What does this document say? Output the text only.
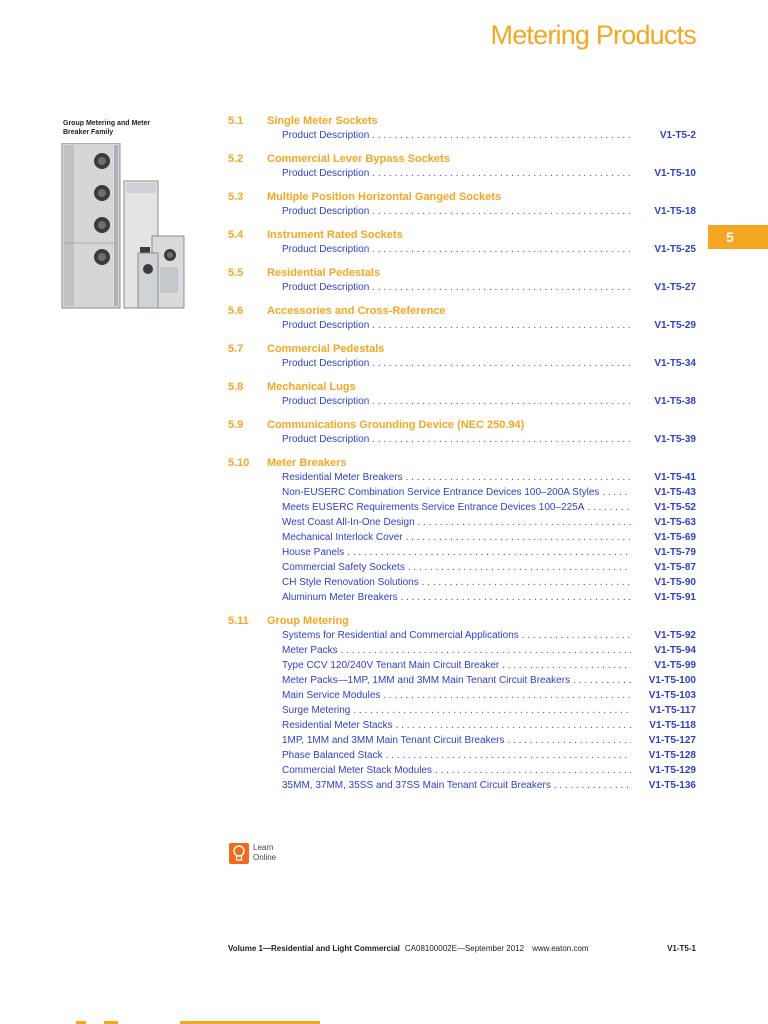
Metering Products
5
Group Metering and Meter Breaker Family
5.1	Single Meter Sockets
Product Description . . .	V1-T5-2
5.2	Commercial Lever Bypass Sockets
Product Description . . .	V1-T5-10
5.3	Multiple Position Horizontal Ganged Sockets
Product Description . . .	V1-T5-18
5.4	Instrument Rated Sockets
Product Description . . .	V1-T5-25
5.5	Residential Pedestals
Product Description . . .	V1-T5-27
5.6	Accessories and Cross-Reference
Product Description . . .	V1-T5-29
5.7	Commercial Pedestals
Product Description . . .	V1-T5-34
5.8	Mechanical Lugs
Product Description . . .	V1-T5-38
5.9	Communications Grounding Device (NEC 250.94)
Product Description . . .	V1-T5-39
5.10	Meter Breakers
Residential Meter Breakers . . .	V1-T5-41
Non-EUSERC Combination Service Entrance Devices 100–200A Styles . . .	V1-T5-43
Meets EUSERC Requirements Service Entrance Devices 100–225A . . .	V1-T5-52
West Coast All-In-One Design . . .	V1-T5-63
Mechanical Interlock Cover . . .	V1-T5-69
House Panels . . .	V1-T5-79
Commercial Safety Sockets . . .	V1-T5-87
CH Style Renovation Solutions . . .	V1-T5-90
Aluminum Meter Breakers . . .	V1-T5-91
5.11	Group Metering
Systems for Residential and Commercial Applications . . .	V1-T5-92
Meter Packs . . .	V1-T5-94
Type CCV 120/240V Tenant Main Circuit Breaker . . .	V1-T5-99
Meter Packs—1MP, 1MM and 3MM Main Tenant Circuit Breakers . . .	V1-T5-100
Main Service Modules . . .	V1-T5-103
Surge Metering . . .	V1-T5-117
Residential Meter Stacks . . .	V1-T5-118
1MP, 1MM and 3MM Main Tenant Circuit Breakers . . .	V1-T5-127
Phase Balanced Stack . . .	V1-T5-128
Commercial Meter Stack Modules . . .	V1-T5-129
35MM, 37MM, 35SS and 37SS Main Tenant Circuit Breakers . . .	V1-T5-136
Learn
Online
Volume 1—Residential and Light Commercial CA08100002E—September 2012 www.eaton.com	V1-T5-1
